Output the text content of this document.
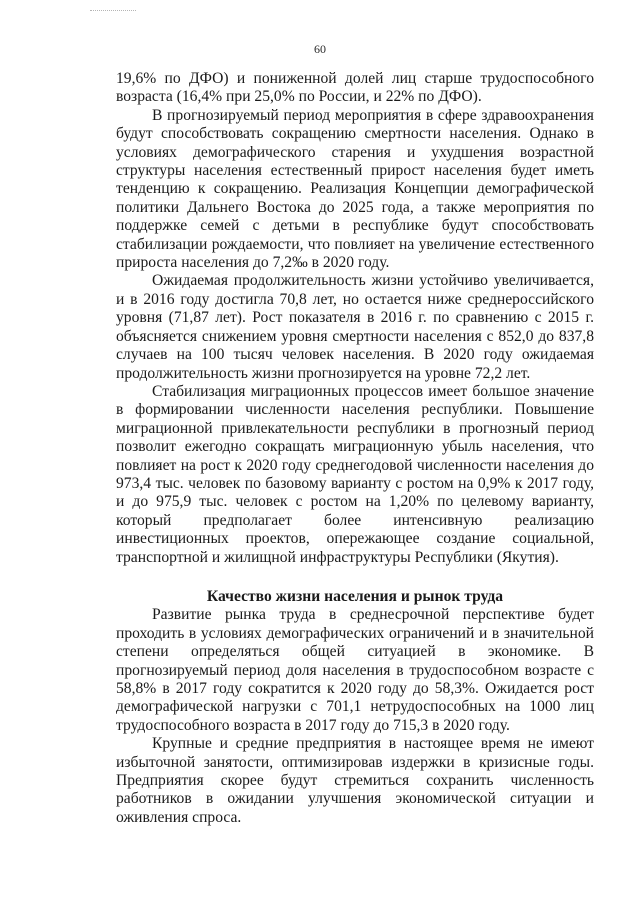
60

19,6% по ДФО) и пониженной долей лиц старше трудоспособного возраста (16,4% при 25,0% по России, и 22% по ДФО).

В прогнозируемый период мероприятия в сфере здравоохранения будут способствовать сокращению смертности населения. Однако в условиях демографического старения и ухудшения возрастной структуры населения естественный прирост населения будет иметь тенденцию к сокращению. Реализация Концепции демографической политики Дальнего Востока до 2025 года, а также мероприятия по поддержке семей с детьми в республике будут способствовать стабилизации рождаемости, что повлияет на увеличение естественного прироста населения до 7,2‰ в 2020 году.

Ожидаемая продолжительность жизни устойчиво увеличивается, и в 2016 году достигла 70,8 лет, но остается ниже среднероссийского уровня (71,87 лет). Рост показателя в 2016 г. по сравнению с 2015 г. объясняется снижением уровня смертности населения с 852,0 до 837,8 случаев на 100 тысяч человек населения. В 2020 году ожидаемая продолжительность жизни прогнозируется на уровне 72,2 лет.

Стабилизация миграционных процессов имеет большое значение в формировании численности населения республики. Повышение миграционной привлекательности республики в прогнозный период позволит ежегодно сокращать миграционную убыль населения, что повлияет на рост к 2020 году среднегодовой численности населения до 973,4 тыс. человек по базовому варианту с ростом на 0,9% к 2017 году, и до 975,9 тыс. человек с ростом на 1,20% по целевому варианту, который предполагает более интенсивную реализацию инвестиционных проектов, опережающее создание социальной, транспортной и жилищной инфраструктуры Республики (Якутия).

Качество жизни населения и рынок труда

Развитие рынка труда в среднесрочной перспективе будет проходить в условиях демографических ограничений и в значительной степени определяться общей ситуацией в экономике. В прогнозируемый период доля населения в трудоспособном возрасте с 58,8% в 2017 году сократится к 2020 году до 58,3%. Ожидается рост демографической нагрузки с 701,1 нетрудоспособных на 1000 лиц трудоспособного возраста в 2017 году до 715,3 в 2020 году.

Крупные и средние предприятия в настоящее время не имеют избыточной занятости, оптимизировав издержки в кризисные годы. Предприятия скорее будут стремиться сохранить численность работников в ожидании улучшения экономической ситуации и оживления спроса.
